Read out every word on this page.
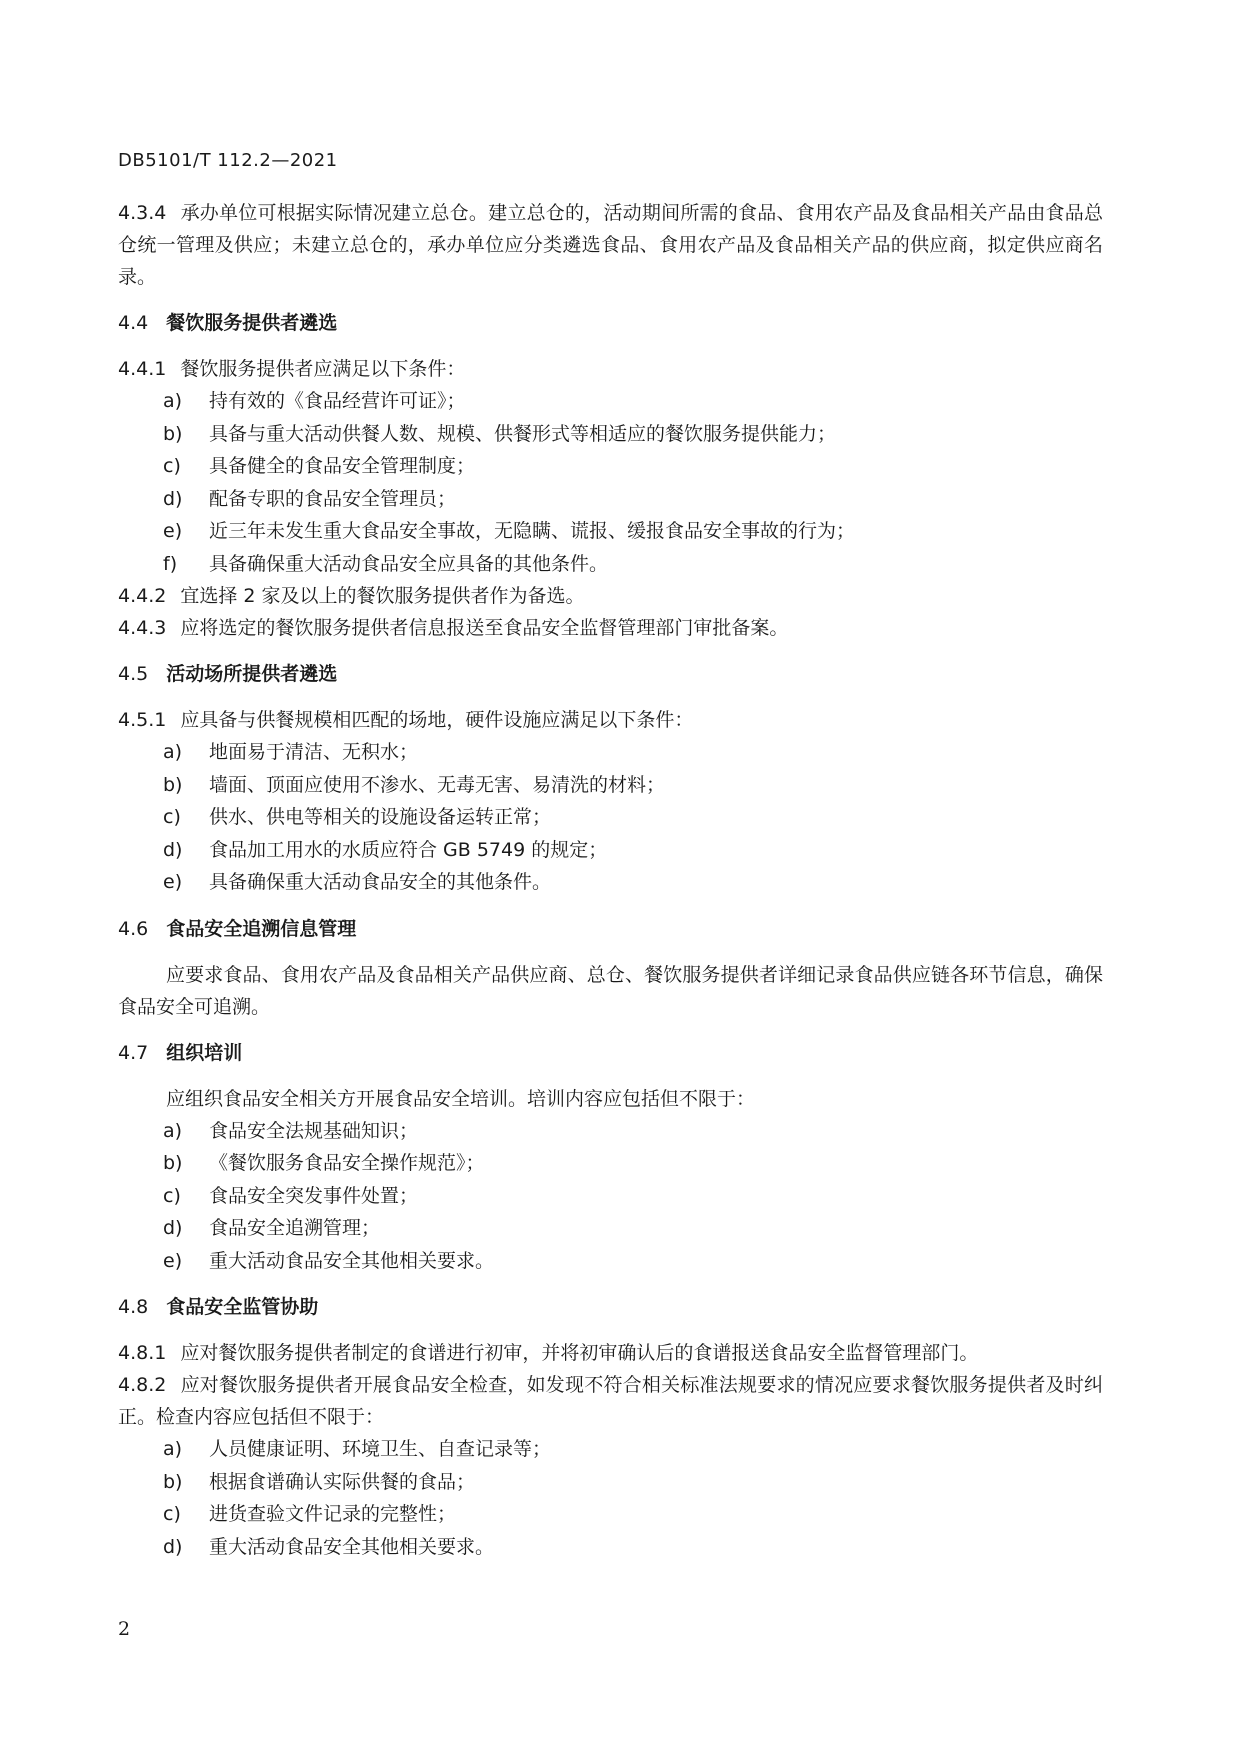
DB5101/T 112.2—2021

4.3.4 承办单位可根据实际情况建立总仓。建立总仓的，活动期间所需的食品、食用农产品及食品相关产品由食品总仓统一管理及供应；未建立总仓的，承办单位应分类遴选食品、食用农产品及食品相关产品的供应商，拟定供应商名录。

4.4 餐饮服务提供者遴选

4.4.1 餐饮服务提供者应满足以下条件：

a) 持有效的《食品经营许可证》；

b) 具备与重大活动供餐人数、规模、供餐形式等相适应的餐饮服务提供能力；

c) 具备健全的食品安全管理制度；

d) 配备专职的食品安全管理员；

e) 近三年未发生重大食品安全事故，无隐瞒、谎报、缓报食品安全事故的行为；

f) 具备确保重大活动食品安全应具备的其他条件。

4.4.2 宜选择 2 家及以上的餐饮服务提供者作为备选。

4.4.3 应将选定的餐饮服务提供者信息报送至食品安全监督管理部门审批备案。

4.5 活动场所提供者遴选

4.5.1 应具备与供餐规模相匹配的场地，硬件设施应满足以下条件：

a) 地面易于清洁、无积水；

b) 墙面、顶面应使用不渗水、无毒无害、易清洗的材料；

c) 供水、供电等相关的设施设备运转正常；

d) 食品加工用水的水质应符合 GB 5749 的规定；

e) 具备确保重大活动食品安全的其他条件。

4.6 食品安全追溯信息管理

应要求食品、食用农产品及食品相关产品供应商、总仓、餐饮服务提供者详细记录食品供应链各环节信息，确保食品安全可追溯。

4.7 组织培训

应组织食品安全相关方开展食品安全培训。培训内容应包括但不限于：

a) 食品安全法规基础知识；

b) 《餐饮服务食品安全操作规范》；

c) 食品安全突发事件处置；

d) 食品安全追溯管理；

e) 重大活动食品安全其他相关要求。

4.8 食品安全监管协助

4.8.1 应对餐饮服务提供者制定的食谱进行初审，并将初审确认后的食谱报送食品安全监督管理部门。

4.8.2 应对餐饮服务提供者开展食品安全检查，如发现不符合相关标准法规要求的情况应要求餐饮服务提供者及时纠正。检查内容应包括但不限于：

a) 人员健康证明、环境卫生、自查记录等；

b) 根据食谱确认实际供餐的食品；

c) 进货查验文件记录的完整性；

d) 重大活动食品安全其他相关要求。

2
